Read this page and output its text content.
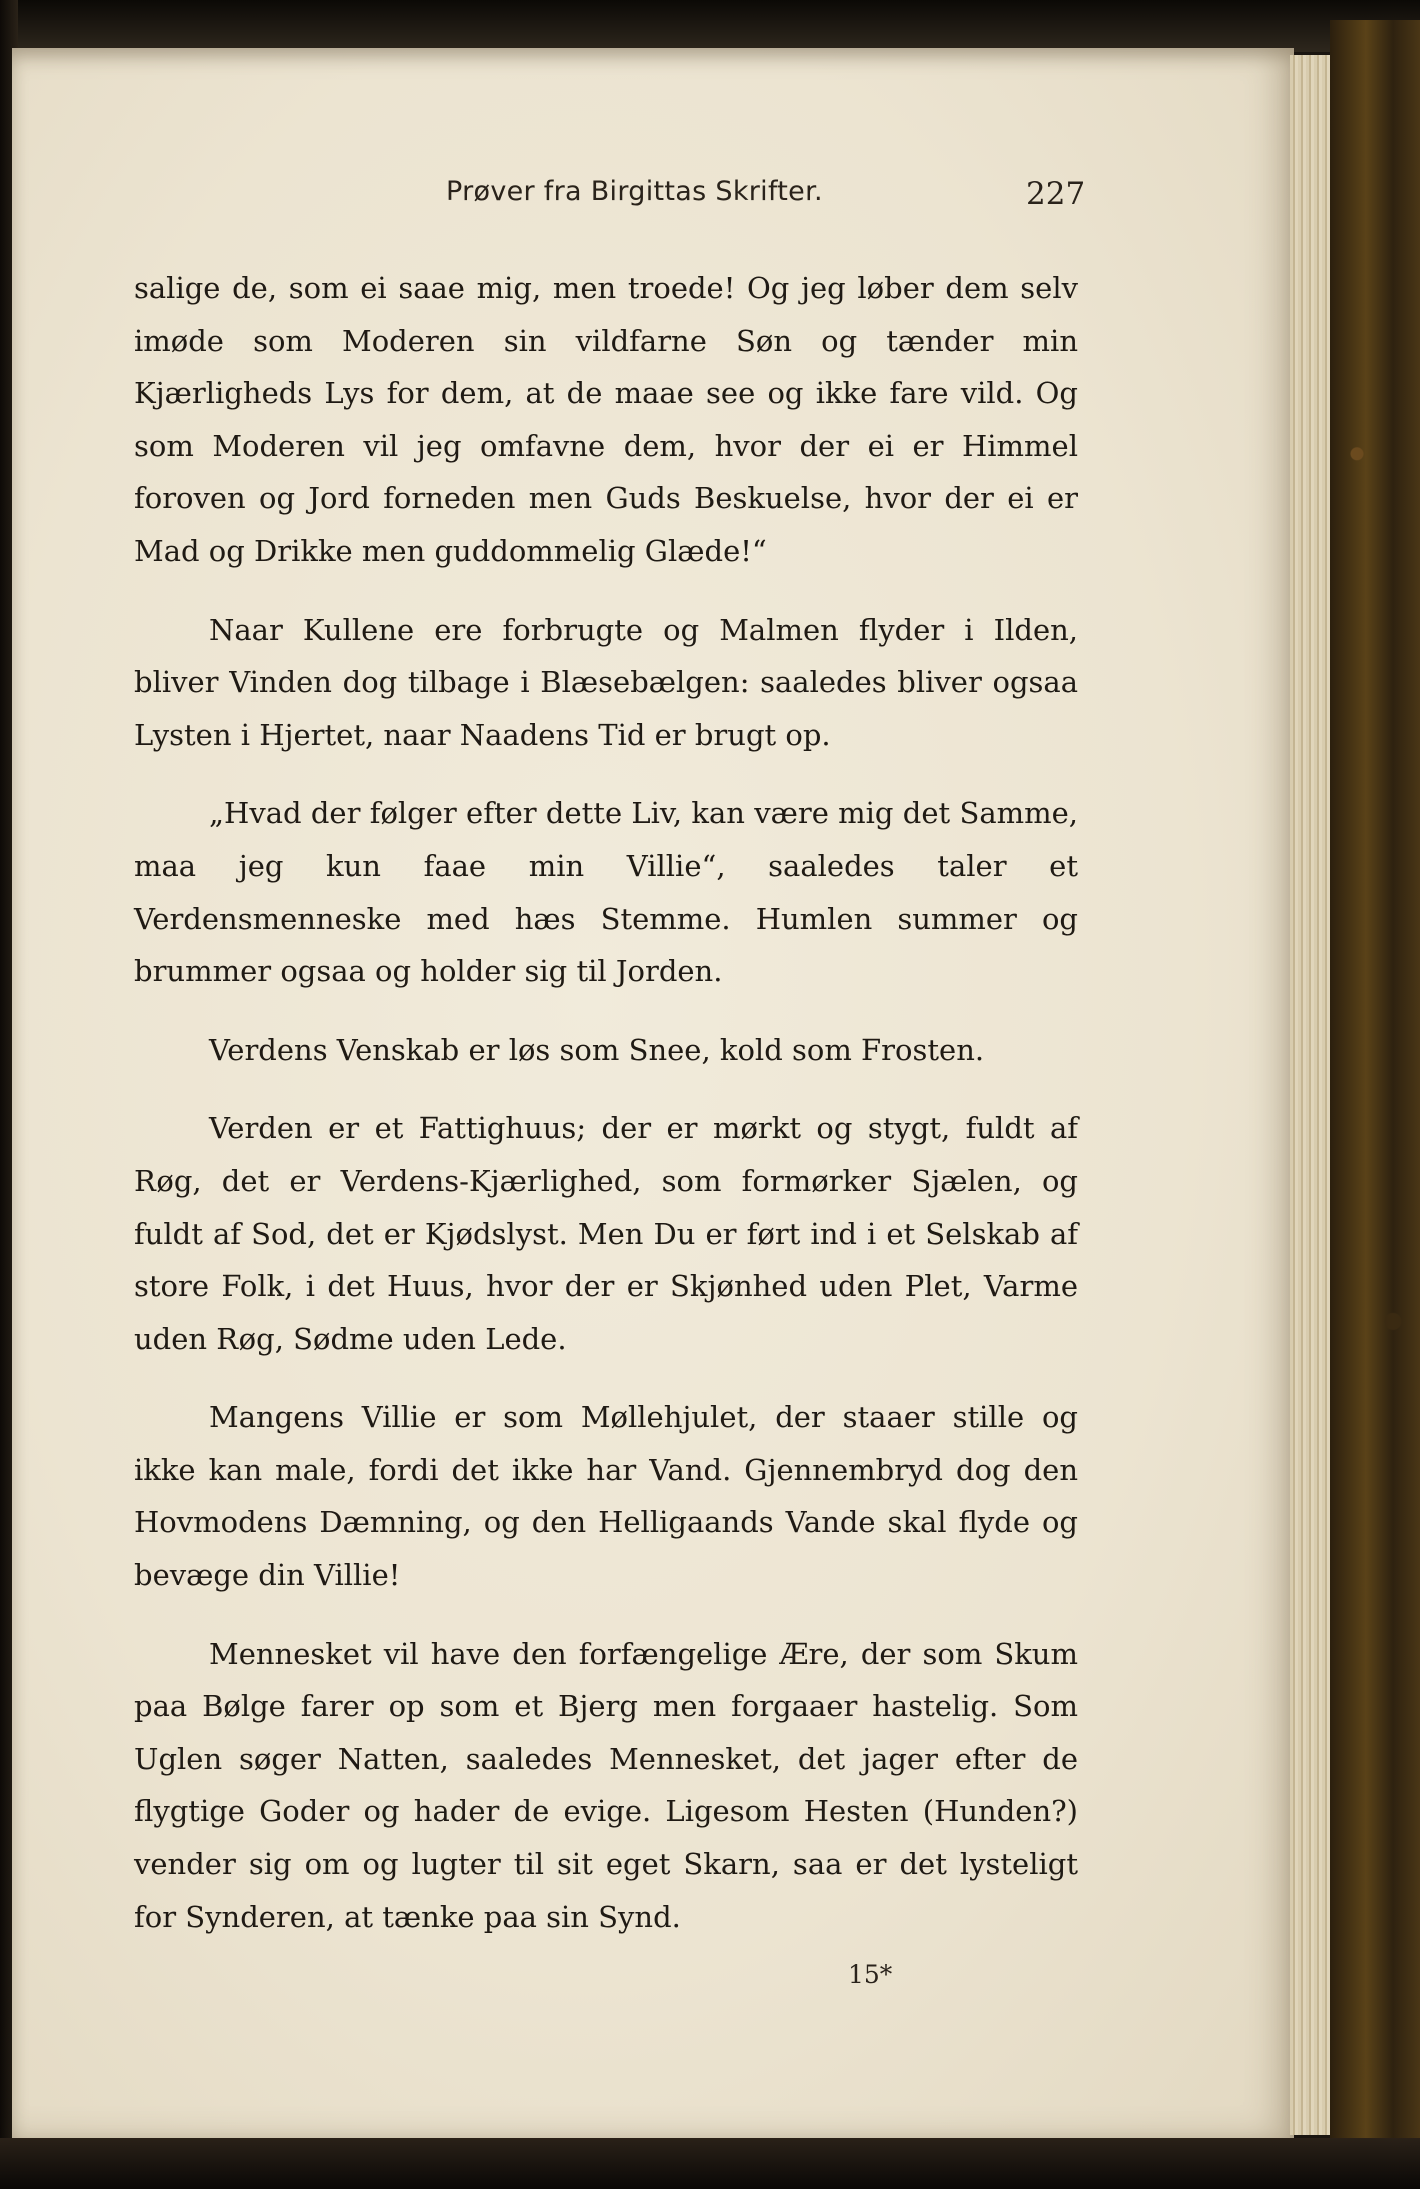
Prøver fra Birgittas Skrifter.	227

salige de, som ei saae mig, men troede! Og jeg løber dem selv imøde som Moderen sin vildfarne Søn og tænder min Kjærligheds Lys for dem, at de maae see og ikke fare vild. Og som Moderen vil jeg omfavne dem, hvor der ei er Himmel foroven og Jord forneden men Guds Beskuelse, hvor der ei er Mad og Drikke men guddommelig Glæde!“

Naar Kullene ere forbrugte og Malmen flyder i Ilden, bliver Vinden dog tilbage i Blæsebælgen: saaledes bliver ogsaa Lysten i Hjertet, naar Naadens Tid er brugt op.

„Hvad der følger efter dette Liv, kan være mig det Samme, maa jeg kun faae min Villie“, saaledes taler et Verdensmenneske med hæs Stemme. Humlen summer og brummer ogsaa og holder sig til Jorden.

Verdens Venskab er løs som Snee, kold som Frosten.

Verden er et Fattighuus; der er mørkt og stygt, fuldt af Røg, det er Verdens-Kjærlighed, som formørker Sjælen, og fuldt af Sod, det er Kjødslyst. Men Du er ført ind i et Selskab af store Folk, i det Huus, hvor der er Skjønhed uden Plet, Varme uden Røg, Sødme uden Lede.

Mangens Villie er som Møllehjulet, der staaer stille og ikke kan male, fordi det ikke har Vand. Gjennembryd dog den Hovmodens Dæmning, og den Helligaands Vande skal flyde og bevæge din Villie!

Mennesket vil have den forfængelige Ære, der som Skum paa Bølge farer op som et Bjerg men forgaaer hastelig. Som Uglen søger Natten, saaledes Mennesket, det jager efter de flygtige Goder og hader de evige. Ligesom Hesten (Hunden?) vender sig om og lugter til sit eget Skarn, saa er det lysteligt for Synderen, at tænke paa sin Synd.

15*
